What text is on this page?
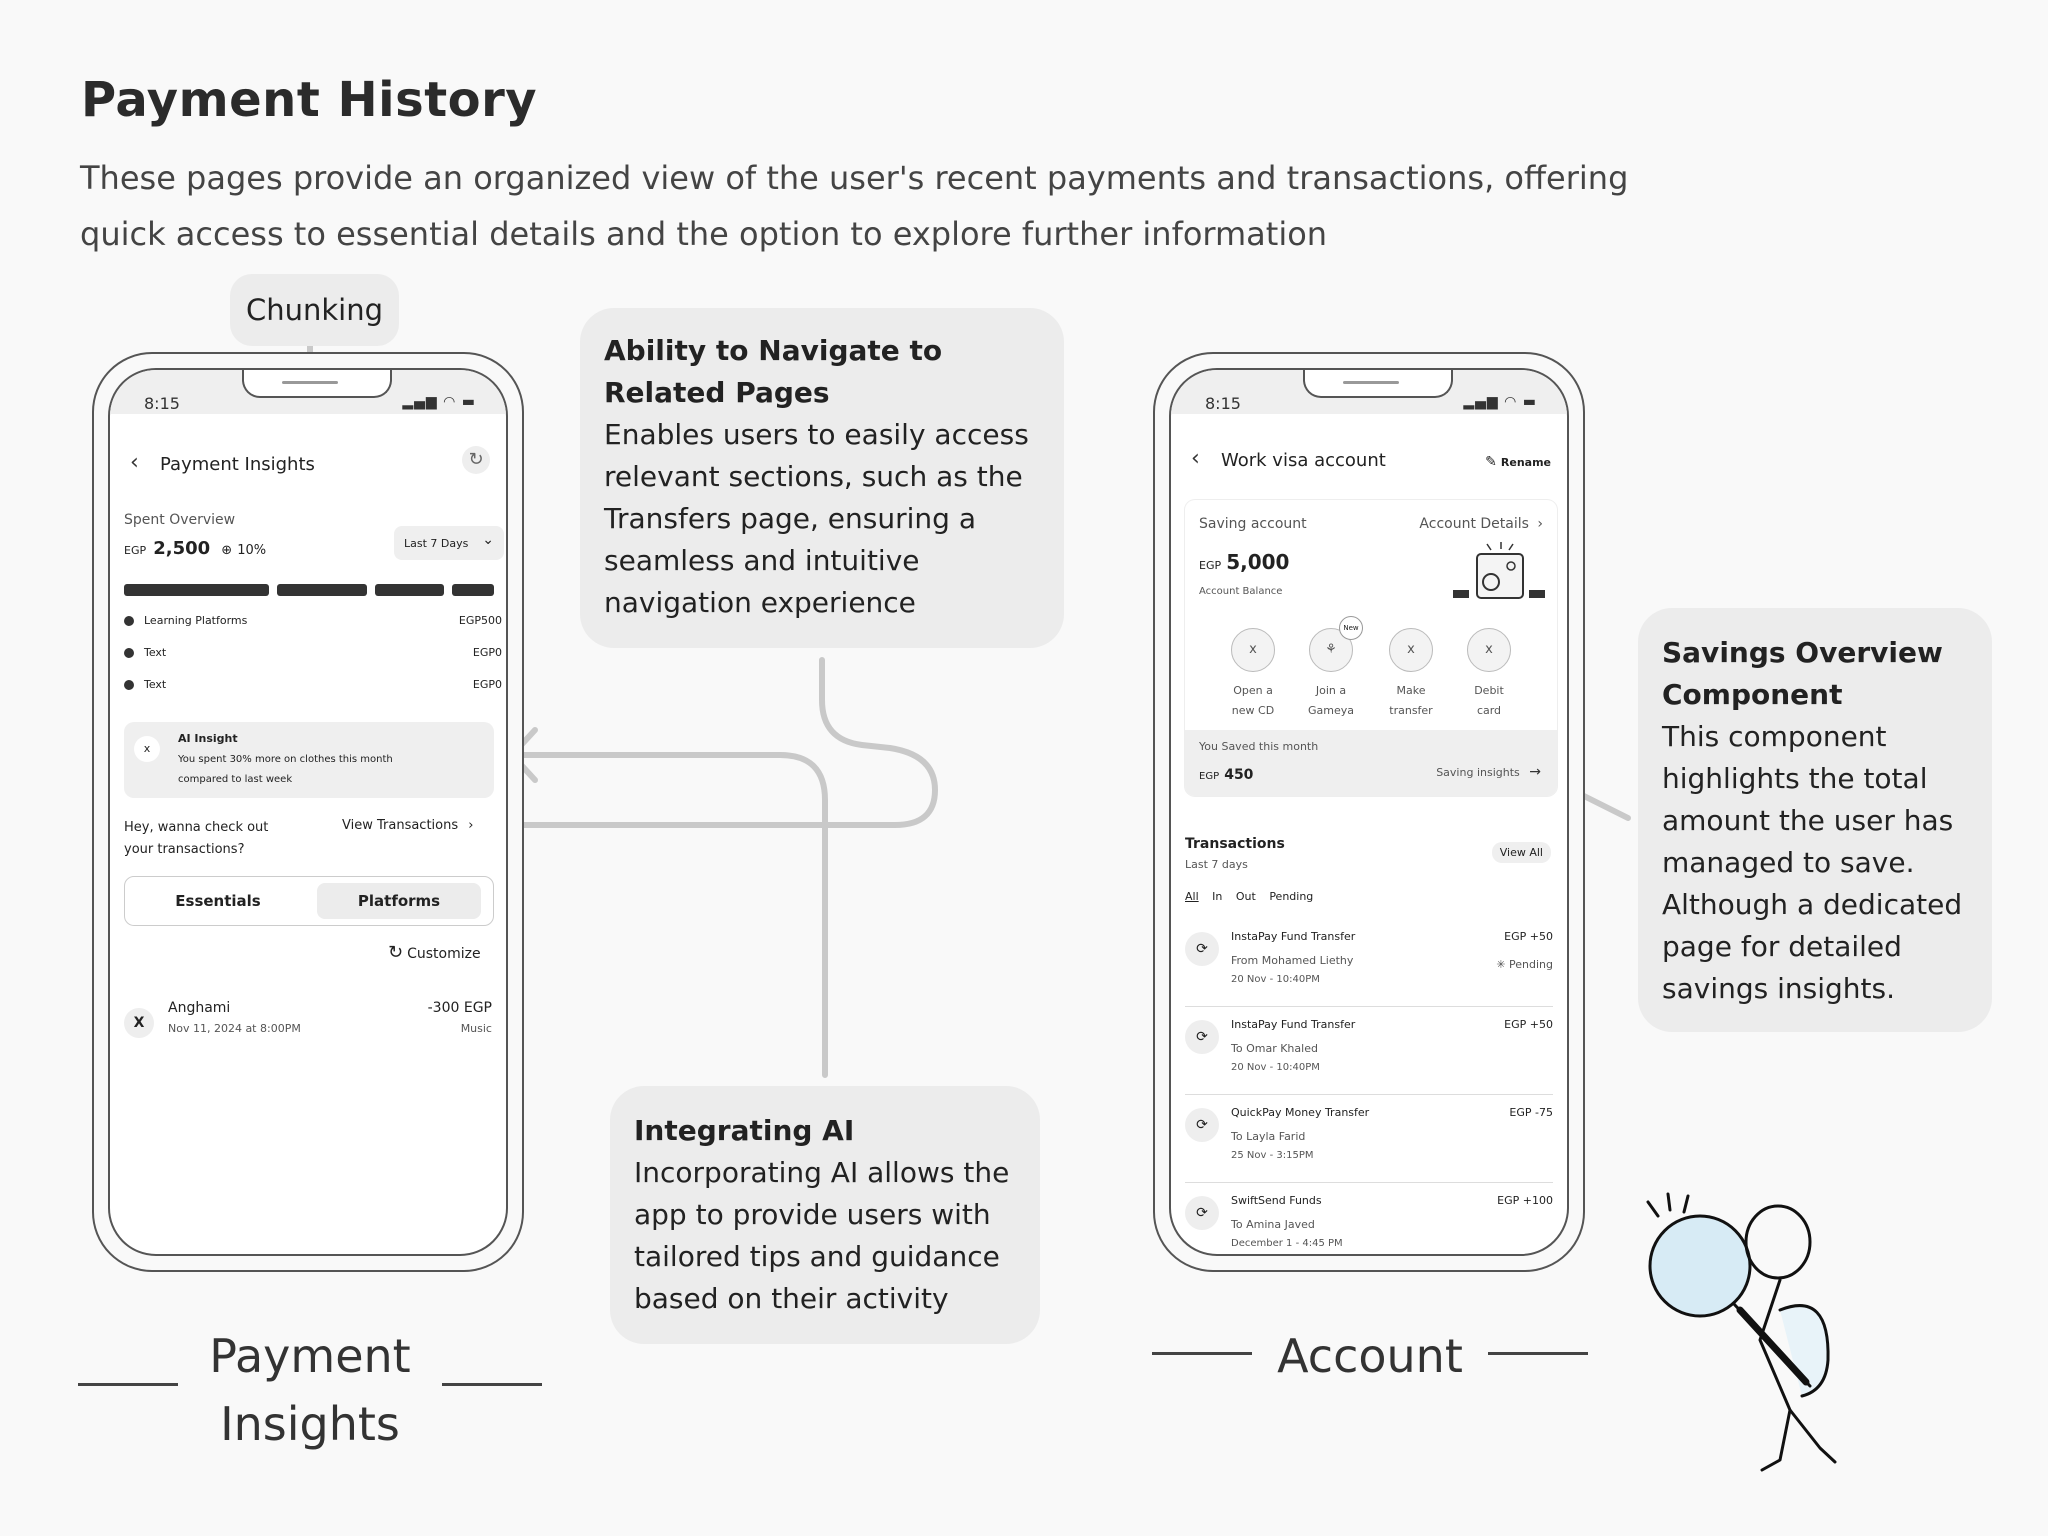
Payment History
These pages provide an organized view of the user's recent payments and transactions, offering quick access to essential details and the option to explore further information
Chunking
8:15	▂▄▆ ◠ ▬
‹ Payment Insights	↻
Spent Overview
EGP 2,500 ⊕ 10%	Last 7 Days ⌄
Learning Platforms	EGP500
Text	EGP0
Text	EGP0
x
AI Insight
You spent 30% more on clothes this month
compared to last week
Hey, wanna check out
your transactions?
View Transactions ›
Essentials	Platforms
↻ Customize
X
Anghami
Nov 11, 2024 at 8:00PM
-300 EGP
Music
Ability to Navigate to Related Pages
Enables users to easily access relevant sections, such as the Transfers page, ensuring a seamless and intuitive navigation experience
Integrating AI
Incorporating AI allows the app to provide users with tailored tips and guidance based on their activity
8:15	▂▄▆ ◠ ▬
‹ Work visa account	✎ Rename
Saving account	Account Details ›
EGP 5,000
Account Balance
x
Open a
new CD
⚘
New
Join a
Gameya
x
Make
transfer
x
Debit
card
You Saved this month
EGP 450	Saving insights →
Transactions
Last 7 days
View All
All In Out Pending
⟳
InstaPay Fund Transfer
From Mohamed Liethy
20 Nov - 10:40PM
EGP +50
✳ Pending
⟳
InstaPay Fund Transfer
To Omar Khaled
20 Nov - 10:40PM
EGP +50
⟳
QuickPay Money Transfer
To Layla Farid
25 Nov - 3:15PM
EGP -75
⟳
SwiftSend Funds
To Amina Javed
December 1 - 4:45 PM
EGP +100
Savings Overview Component
This component highlights the total amount the user has managed to save. Although a dedicated page for detailed savings insights.
Payment Insights
Account
